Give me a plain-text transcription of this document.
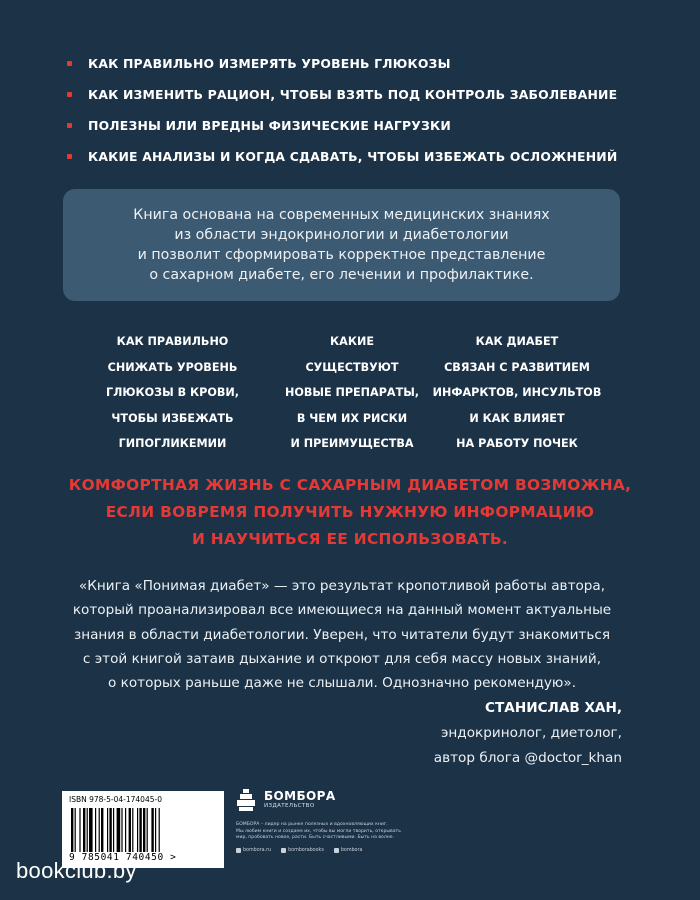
КАК ПРАВИЛЬНО ИЗМЕРЯТЬ УРОВЕНЬ ГЛЮКОЗЫ
КАК ИЗМЕНИТЬ РАЦИОН, ЧТОБЫ ВЗЯТЬ ПОД КОНТРОЛЬ ЗАБОЛЕВАНИЕ
ПОЛЕЗНЫ ИЛИ ВРЕДНЫ ФИЗИЧЕСКИЕ НАГРУЗКИ
КАКИЕ АНАЛИЗЫ И КОГДА СДАВАТЬ, ЧТОБЫ ИЗБЕЖАТЬ ОСЛОЖНЕНИЙ

Книга основана на современных медицинских знаниях

из области эндокринологии и диабетологии

и позволит сформировать корректное представление

о сахарном диабете, его лечении и профилактике.

КАК ПРАВИЛЬНО
СНИЖАТЬ УРОВЕНЬ
ГЛЮКОЗЫ В КРОВИ,
ЧТОБЫ ИЗБЕЖАТЬ
ГИПОГЛИКЕМИИ
КАКИЕ
СУЩЕСТВУЮТ
НОВЫЕ ПРЕПАРАТЫ,
В ЧЕМ ИХ РИСКИ
И ПРЕИМУЩЕСТВА
КАК ДИАБЕТ
СВЯЗАН С РАЗВИТИЕМ
ИНФАРКТОВ, ИНСУЛЬТОВ
И КАК ВЛИЯЕТ
НА РАБОТУ ПОЧЕК
КОМФОРТНАЯ ЖИЗНЬ С САХАРНЫМ ДИАБЕТОМ ВОЗМОЖНА,
ЕСЛИ ВОВРЕМЯ ПОЛУЧИТЬ НУЖНУЮ ИНФОРМАЦИЮ
И НАУЧИТЬСЯ ЕЕ ИСПОЛЬЗОВАТЬ.
«Книга «Понимая диабет» — это результат кропотливой работы автора,
который проанализировал все имеющиеся на данный момент актуальные
знания в области диабетологии. Уверен, что читатели будут знакомиться
с этой книгой затаив дыхание и откроют для себя массу новых знаний,
о которых раньше даже не слышали. Однозначно рекомендую».
СТАНИСЛАВ ХАН,
эндокринолог, диетолог,
автор блога @doctor_khan
ISBN 978-5-04-174045-0
9 785041 740450 >
БОМБОРА
ИЗДАТЕЛЬСТВО
БОМБОРА – лидер на рынке полезных и вдохновляющих книг.
Мы любим книги и создаем их, чтобы вы могли творить, открывать
мир, пробовать новое, расти. Быть счастливыми. Быть на волне.
bombora.ru	bomborabooks	bombora
bookclub.by
